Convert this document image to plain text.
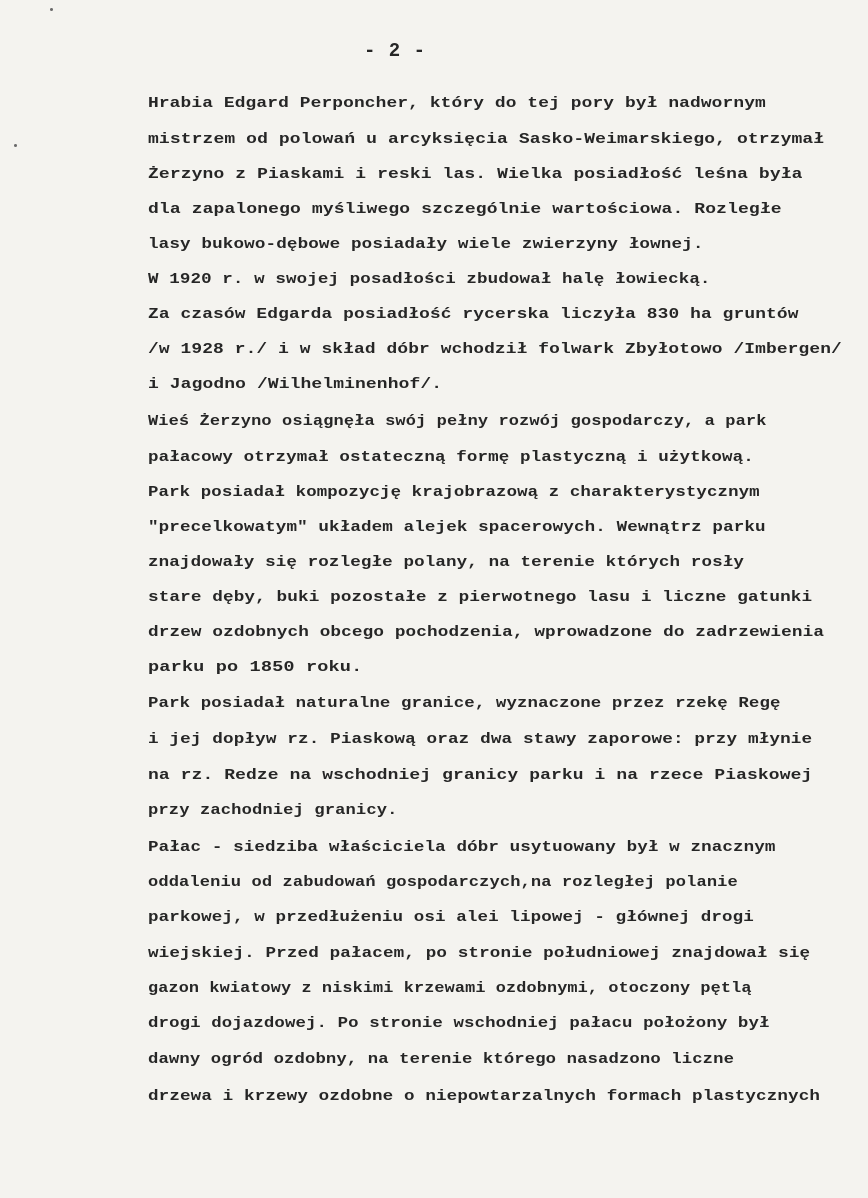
- 2 -
Hrabia Edgard Perponcher, który do tej pory był nadwornym
mistrzem od polowań u arcyksięcia Sasko-Weimarskiego, otrzymał
Żerzyno z Piaskami i reski las. Wielka posiadłość leśna była
dla zapalonego myśliwego szczególnie wartościowa. Rozległe
lasy bukowo-dębowe posiadały wiele zwierzyny łownej.
W 1920 r. w swojej posadłości zbudował halę łowiecką.
Za czasów Edgarda posiadłość rycerska liczyła 830 ha gruntów
/w 1928 r./ i w skład dóbr wchodził folwark Zbyłotowo /Imbergen/
i Jagodno /Wilhelminenhof/.
Wieś Żerzyno osiągnęła swój pełny rozwój gospodarczy, a park
pałacowy otrzymał ostateczną formę plastyczną i użytkową.
Park posiadał kompozycję krajobrazową z charakterystycznym
"precelkowatym" układem alejek spacerowych. Wewnątrz parku
znajdowały się rozległe polany, na terenie których rosły
stare dęby, buki pozostałe z pierwotnego lasu i liczne gatunki
drzew ozdobnych obcego pochodzenia, wprowadzone do zadrzewienia
parku po 1850 roku.
Park posiadał naturalne granice, wyznaczone przez rzekę Regę
i jej dopływ rz. Piaskową oraz dwa stawy zaporowe: przy młynie
na rz. Redze na wschodniej granicy parku i na rzece Piaskowej
przy zachodniej granicy.
Pałac - siedziba właściciela dóbr usytuowany był w znacznym
oddaleniu od zabudowań gospodarczych,na rozległej polanie
parkowej, w przedłużeniu osi alei lipowej - głównej drogi
wiejskiej. Przed pałacem, po stronie południowej znajdował się
gazon kwiatowy z niskimi krzewami ozdobnymi, otoczony pętlą
drogi dojazdowej. Po stronie wschodniej pałacu położony był
dawny ogród ozdobny, na terenie którego nasadzono liczne
drzewa i krzewy ozdobne o niepowtarzalnych formach plastycznych
